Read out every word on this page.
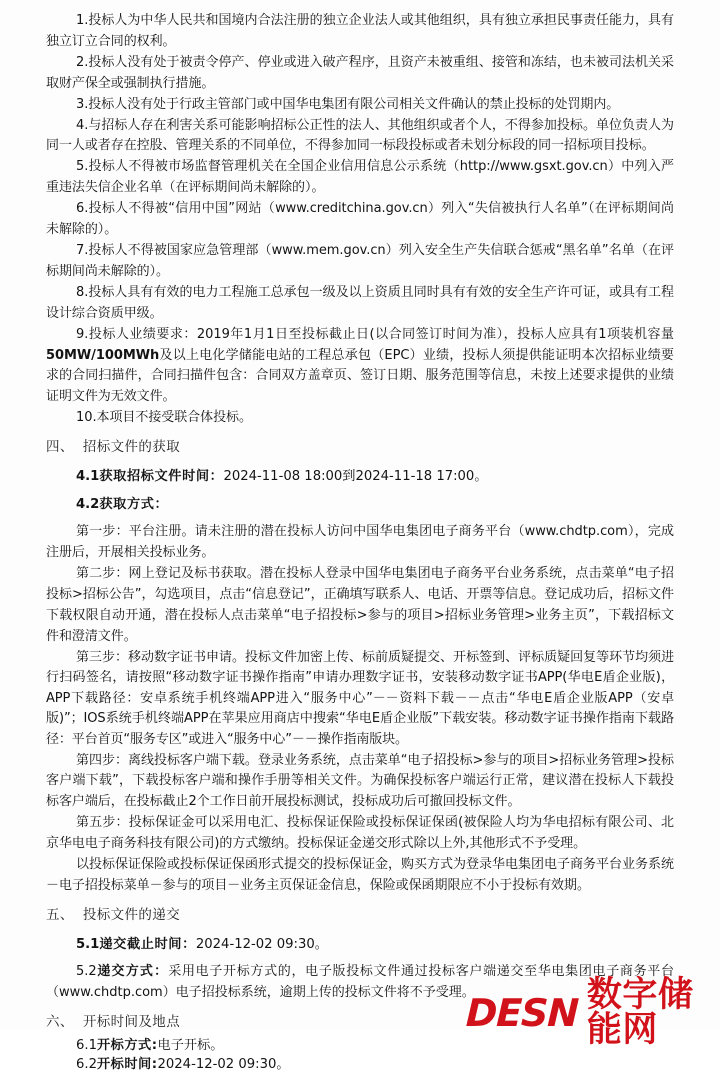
1.投标人为中华人民共和国境内合法注册的独立企业法人或其他组织，具有独立承担民事责任能力，具有独立订立合同的权利。

2.投标人没有处于被责令停产、停业或进入破产程序，且资产未被重组、接管和冻结，也未被司法机关采取财产保全或强制执行措施。

3.投标人没有处于行政主管部门或中国华电集团有限公司相关文件确认的禁止投标的处罚期内。

4.与招标人存在利害关系可能影响招标公正性的法人、其他组织或者个人，不得参加投标。单位负责人为同一人或者存在控股、管理关系的不同单位，不得参加同一标段投标或者未划分标段的同一招标项目投标。

5.投标人不得被市场监督管理机关在全国企业信用信息公示系统（http://www.gsxt.gov.cn）中列入严重违法失信企业名单（在评标期间尚未解除的）。

6.投标人不得被“信用中国”网站（www.creditchina.gov.cn）列入“失信被执行人名单”（在评标期间尚未解除的）。

7.投标人不得被国家应急管理部（www.mem.gov.cn）列入安全生产失信联合惩戒“黑名单”名单（在评标期间尚未解除的）。

8.投标人具有有效的电力工程施工总承包一级及以上资质且同时具有有效的安全生产许可证，或具有工程设计综合资质甲级。

9.投标人业绩要求：2019年1月1日至投标截止日(以合同签订时间为准），投标人应具有1项装机容量50MW/100MWh及以上电化学储能电站的工程总承包（EPC）业绩，投标人须提供能证明本次招标业绩要求的合同扫描件，合同扫描件包含：合同双方盖章页、签订日期、服务范围等信息，未按上述要求提供的业绩证明文件为无效文件。

10.本项目不接受联合体投标。

四、 招标文件的获取

4.1获取招标文件时间：2024-11-08 18:00到2024-11-18 17:00。

4.2获取方式：

第一步：平台注册。请未注册的潜在投标人访问中国华电集团电子商务平台（www.chdtp.com），完成注册后，开展相关投标业务。

第二步：网上登记及标书获取。潜在投标人登录中国华电集团电子商务平台业务系统，点击菜单“电子招投标>招标公告”，勾选项目，点击“信息登记”，正确填写联系人、电话、开票等信息。登记成功后，招标文件下载权限自动开通，潜在投标人点击菜单“电子招投标>参与的项目>招标业务管理>业务主页”，下载招标文件和澄清文件。

第三步：移动数字证书申请。投标文件加密上传、标前质疑提交、开标签到、评标质疑回复等环节均须进行扫码签名，请按照“移动数字证书操作指南”申请办理数字证书，安装移动数字证书APP(华电E盾企业版)，APP下载路径：安卓系统手机终端APP进入“服务中心”－－资料下载－－点击“华电E盾企业版APP（安卓版)”；IOS系统手机终端APP在苹果应用商店中搜索“华电E盾企业版”下载安装。移动数字证书操作指南下载路径：平台首页“服务专区”或进入“服务中心”－－操作指南版块。

第四步：离线投标客户端下载。登录业务系统，点击菜单“电子招投标>参与的项目>招标业务管理>投标客户端下载”，下载投标客户端和操作手册等相关文件。为确保投标客户端运行正常，建议潜在投标人下载投标客户端后，在投标截止2个工作日前开展投标测试，投标成功后可撤回投标文件。

第五步：投标保证金可以采用电汇、投标保证保险或投标保证保函(被保险人均为华电招标有限公司、北京华电电子商务科技有限公司)的方式缴纳。投标保证金递交形式除以上外,其他形式不予受理。

以投标保证保险或投标保证保函形式提交的投标保证金，购买方式为登录华电集团电子商务平台业务系统－电子招投标菜单－参与的项目－业务主页保证金信息，保险或保函期限应不小于投标有效期。

五、 投标文件的递交

5.1递交截止时间：2024-12-02 09:30。

5.2递交方式：采用电子开标方式的，电子版投标文件通过投标客户端递交至华电集团电子商务平台（www.chdtp.com）电子招投标系统，逾期上传的投标文件将不予受理。

六、 开标时间及地点

6.1开标方式:电子开标。

6.2开标时间:2024-12-02 09:30。

DESN 数字储能网
